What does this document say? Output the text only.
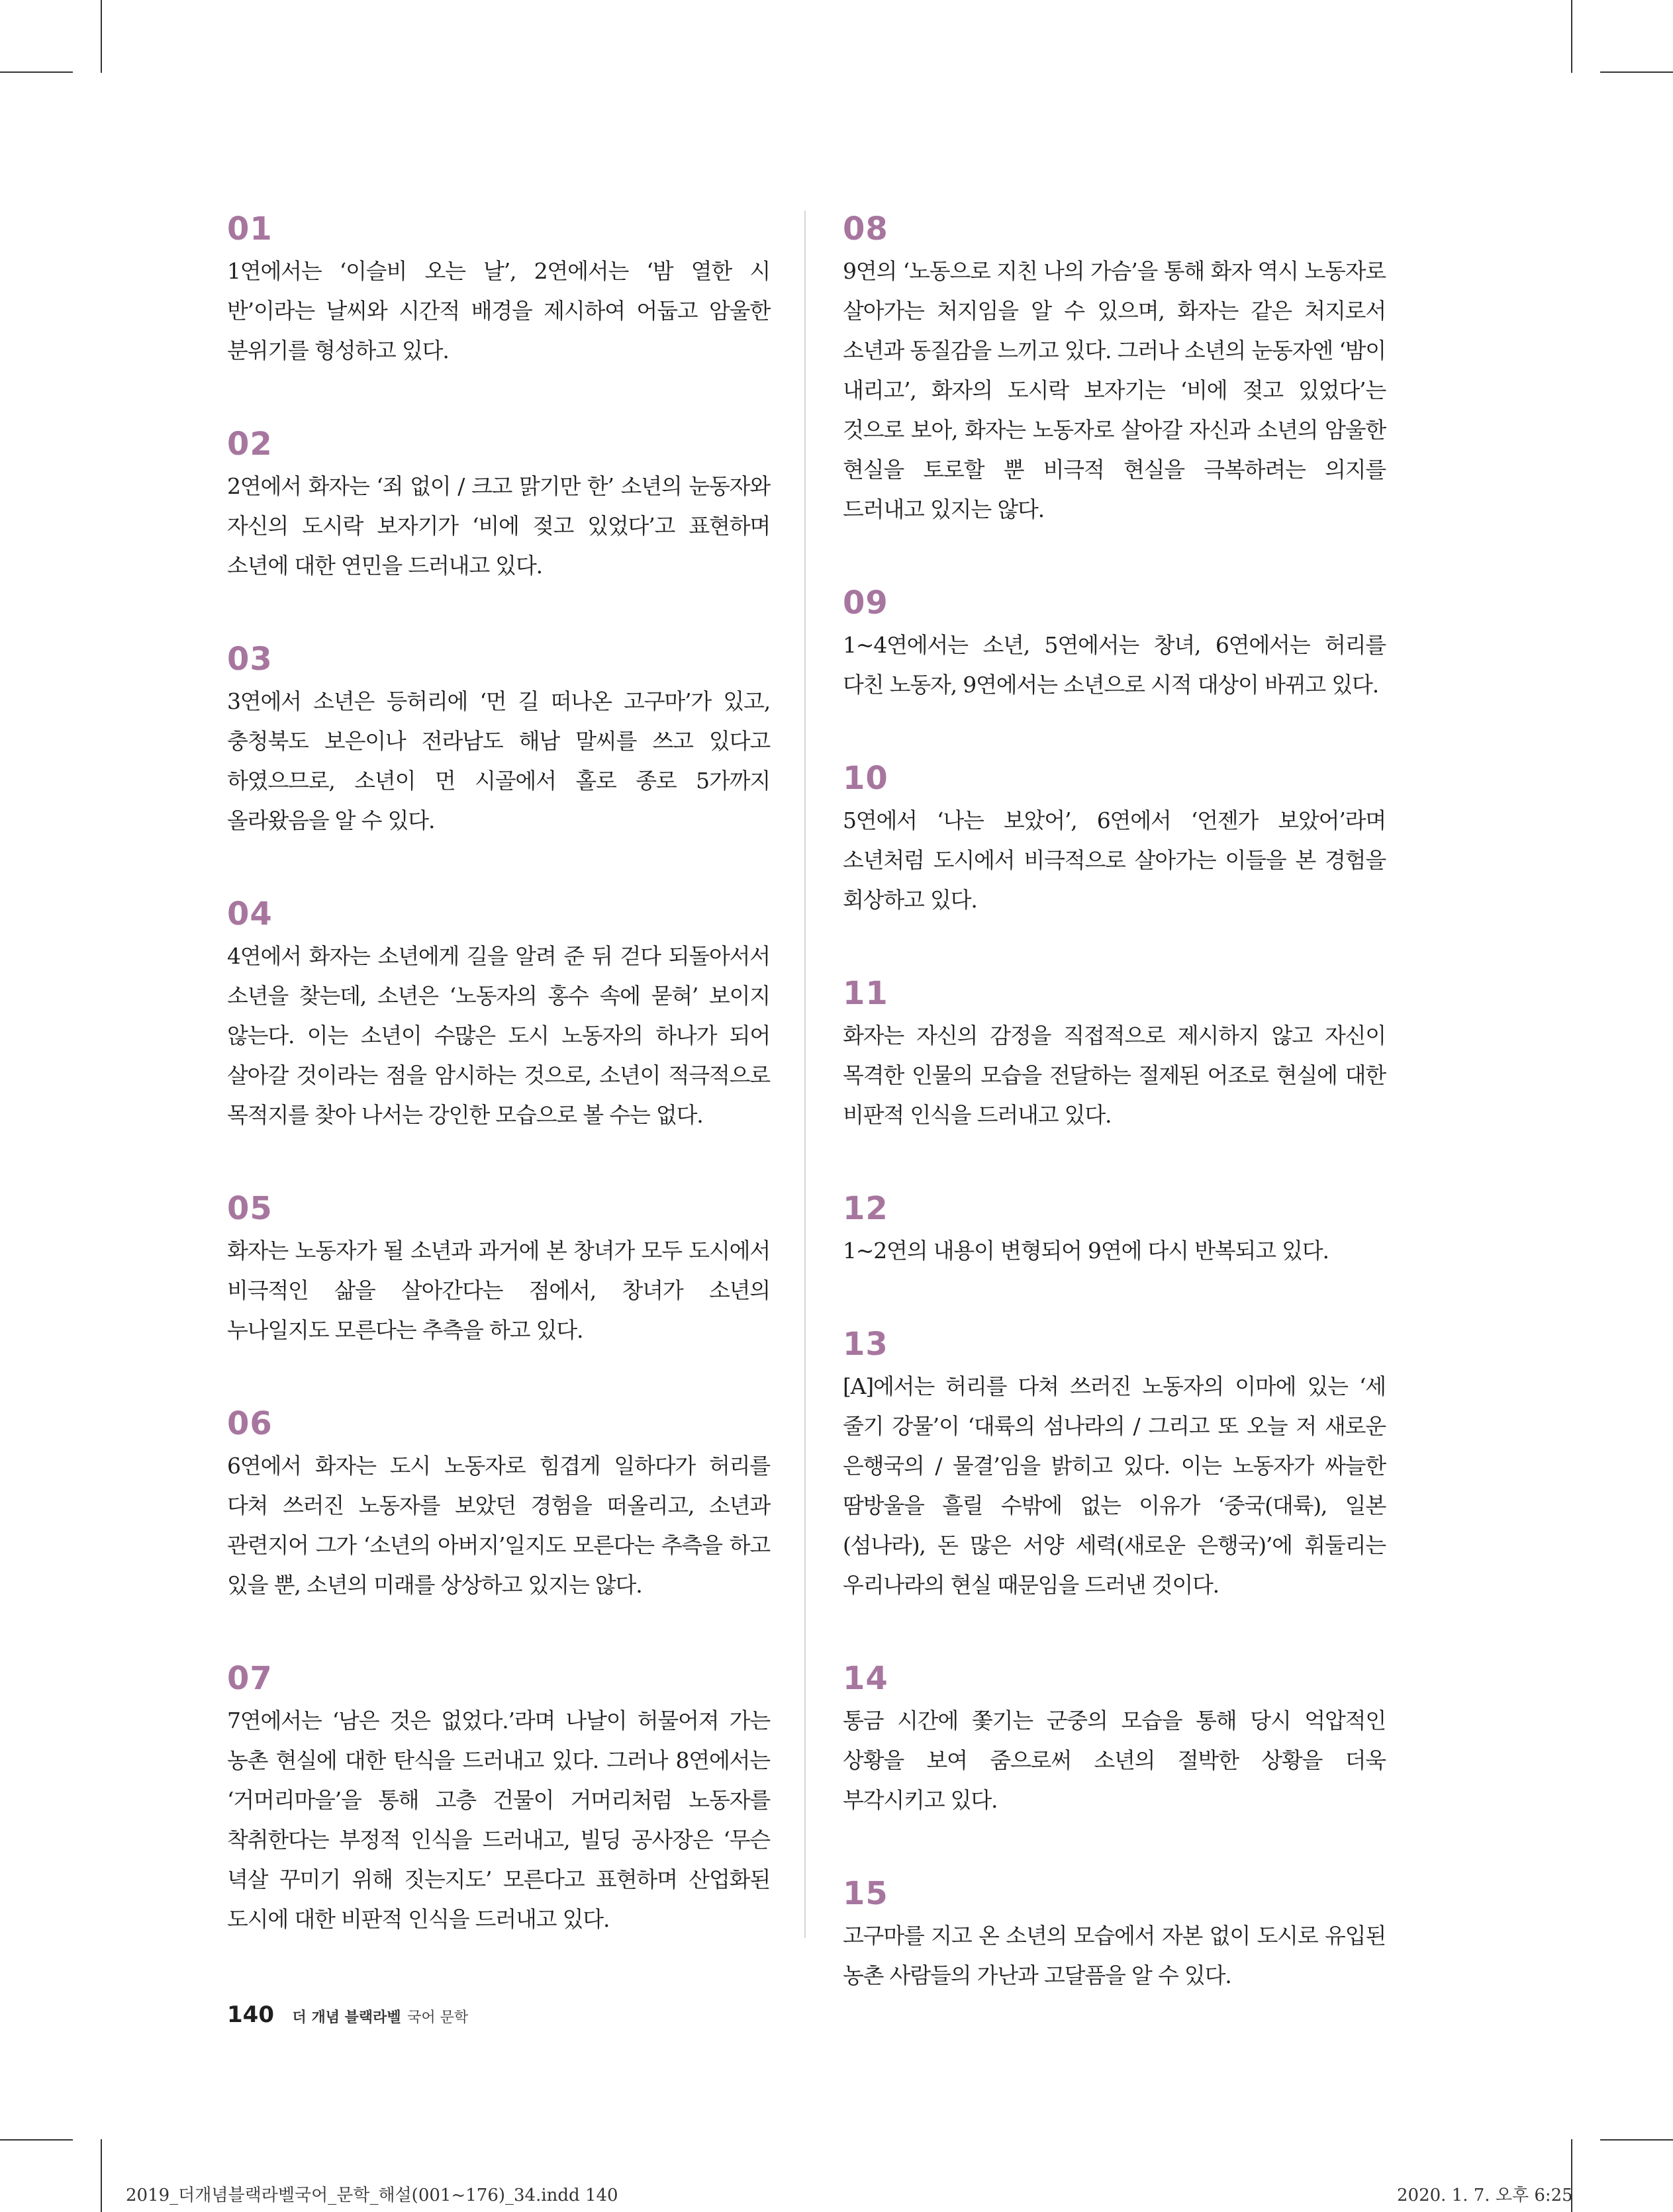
01

1연에서는 ‘이슬비 오는 날’, 2연에서는 ‘밤 열한 시 반’이라는 날씨와 시간적 배경을 제시하여 어둡고 암울한 분위기를 형성하고 있다.

02

2연에서 화자는 ‘죄 없이 / 크고 맑기만 한’ 소년의 눈동자와 자신의 도시락 보자기가 ‘비에 젖고 있었다’고 표현하며 소년에 대한 연민을 드러내고 있다.

03

3연에서 소년은 등허리에 ‘먼 길 떠나온 고구마’가 있고, 충청북도 보은이나 전라남도 해남 말씨를 쓰고 있다고 하였으므로, 소년이 먼 시골에서 홀로 종로 5가까지 올라왔음을 알 수 있다.

04

4연에서 화자는 소년에게 길을 알려 준 뒤 걷다 되돌아서서 소년을 찾는데, 소년은 ‘노동자의 홍수 속에 묻혀’ 보이지 않는다. 이는 소년이 수많은 도시 노동자의 하나가 되어 살아갈 것이라는 점을 암시하는 것으로, 소년이 적극적으로 목적지를 찾아 나서는 강인한 모습으로 볼 수는 없다.

05

화자는 노동자가 될 소년과 과거에 본 창녀가 모두 도시에서 비극적인 삶을 살아간다는 점에서, 창녀가 소년의 누나일지도 모른다는 추측을 하고 있다.

06

6연에서 화자는 도시 노동자로 힘겹게 일하다가 허리를 다쳐 쓰러진 노동자를 보았던 경험을 떠올리고, 소년과 관련지어 그가 ‘소년의 아버지’일지도 모른다는 추측을 하고 있을 뿐, 소년의 미래를 상상하고 있지는 않다.

07

7연에서는 ‘남은 것은 없었다.’라며 나날이 허물어져 가는 농촌 현실에 대한 탄식을 드러내고 있다. 그러나 8연에서는 ‘거머리마을’을 통해 고층 건물이 거머리처럼 노동자를 착취한다는 부정적 인식을 드러내고, 빌딩 공사장은 ‘무슨 녁살 꾸미기 위해 짓는지도’ 모른다고 표현하며 산업화된 도시에 대한 비판적 인식을 드러내고 있다.

08

9연의 ‘노동으로 지친 나의 가슴’을 통해 화자 역시 노동자로 살아가는 처지임을 알 수 있으며, 화자는 같은 처지로서 소년과 동질감을 느끼고 있다. 그러나 소년의 눈동자엔 ‘밤이 내리고’, 화자의 도시락 보자기는 ‘비에 젖고 있었다’는 것으로 보아, 화자는 노동자로 살아갈 자신과 소년의 암울한 현실을 토로할 뿐 비극적 현실을 극복하려는 의지를 드러내고 있지는 않다.

09

1~4연에서는 소년, 5연에서는 창녀, 6연에서는 허리를 다친 노동자, 9연에서는 소년으로 시적 대상이 바뀌고 있다.

10

5연에서 ‘나는 보았어’, 6연에서 ‘언젠가 보았어’라며 소년처럼 도시에서 비극적으로 살아가는 이들을 본 경험을 회상하고 있다.

11

화자는 자신의 감정을 직접적으로 제시하지 않고 자신이 목격한 인물의 모습을 전달하는 절제된 어조로 현실에 대한 비판적 인식을 드러내고 있다.

12

1~2연의 내용이 변형되어 9연에 다시 반복되고 있다.

13

[A]에서는 허리를 다쳐 쓰러진 노동자의 이마에 있는 ‘세 줄기 강물’이 ‘대륙의 섬나라의 / 그리고 또 오늘 저 새로운 은행국의 / 물결’임을 밝히고 있다. 이는 노동자가 싸늘한 땀방울을 흘릴 수밖에 없는 이유가 ‘중국(대륙), 일본(섬나라), 돈 많은 서양 세력(새로운 은행국)’에 휘둘리는 우리나라의 현실 때문임을 드러낸 것이다.

14

통금 시간에 쫓기는 군중의 모습을 통해 당시 억압적인 상황을 보여 줌으로써 소년의 절박한 상황을 더욱 부각시키고 있다.

15

고구마를 지고 온 소년의 모습에서 자본 없이 도시로 유입된 농촌 사람들의 가난과 고달픔을 알 수 있다.

140 더 개념 블랙라벨 국어 문학
2019_더개념블랙라벨국어_문학_해설(001~176)_34.indd 140	2020. 1. 7. 오후 6:25
